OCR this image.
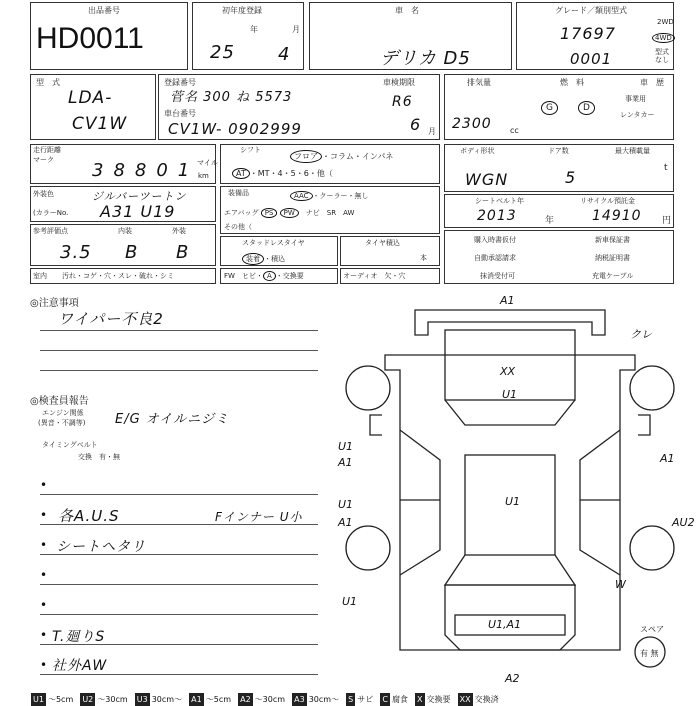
出品番号
HD0011
初年度登録
年	月
25 4
車　名
デリカ D5
グレード／類別型式
17697
0001
2WD
4WD
型式なし
型　式
LDA-
CV1W
登録番号
菅名 300 ね 5573
車台番号
CV1W- 0902999
車検期限
R6
6 月
排気量
2300 cc
燃　料
G	D
車　歴
事業用
レンタカー
走行距離
マーク 38801
マイル
km
外装色	ジルバーツートン
(カラーNo. A31 U19
参考評価点
3.5
内装
B
外装
B
室内 汚れ・コゲ・穴・スレ・破れ・シミ
シフト
フロア ・コラム・インパネ
AT ・MT・4・5・6・他（
装備品	AAC ・クーラー・無し
エアバッグ PS PW　 ナビ　 SR　 AW
その他（
スタッドレスタイヤ
装着 ・積込
タイヤ積込
本
FW　 ヒビ・ A ・交換要	オーディオ　 欠・穴
ボディ形状
WGN
ドア数
5
最大積載量
t
シートベルト年
2013	年
リサイクル預託金
14910 円
購入時書仮付	新車保証書
自動承認請求	納税証明書
抹消受付可	充電ケーブル
◎注意事項
ワイパー不良2
◎検査員報告
エンジン関係
(異音・不調等) E/G オイルニジミ
タイミングベルト
交換　有・無
•
• 各A.U.S	Fインナー U小
• シートヘタリ
•
•
• T.廻りS
• 社外AW
A1
XX
U1
U1
A1
U1
A1
U1
U1
U1,A1
A2
クレ
A1
AU2
W
スペア
有 無
U1 〜5cm U2 〜30cm U3 30cm〜 A1 〜5cm A2 〜30cm A3 30cm〜 S サビ C 腐食 X 交換要 XX 交換済
